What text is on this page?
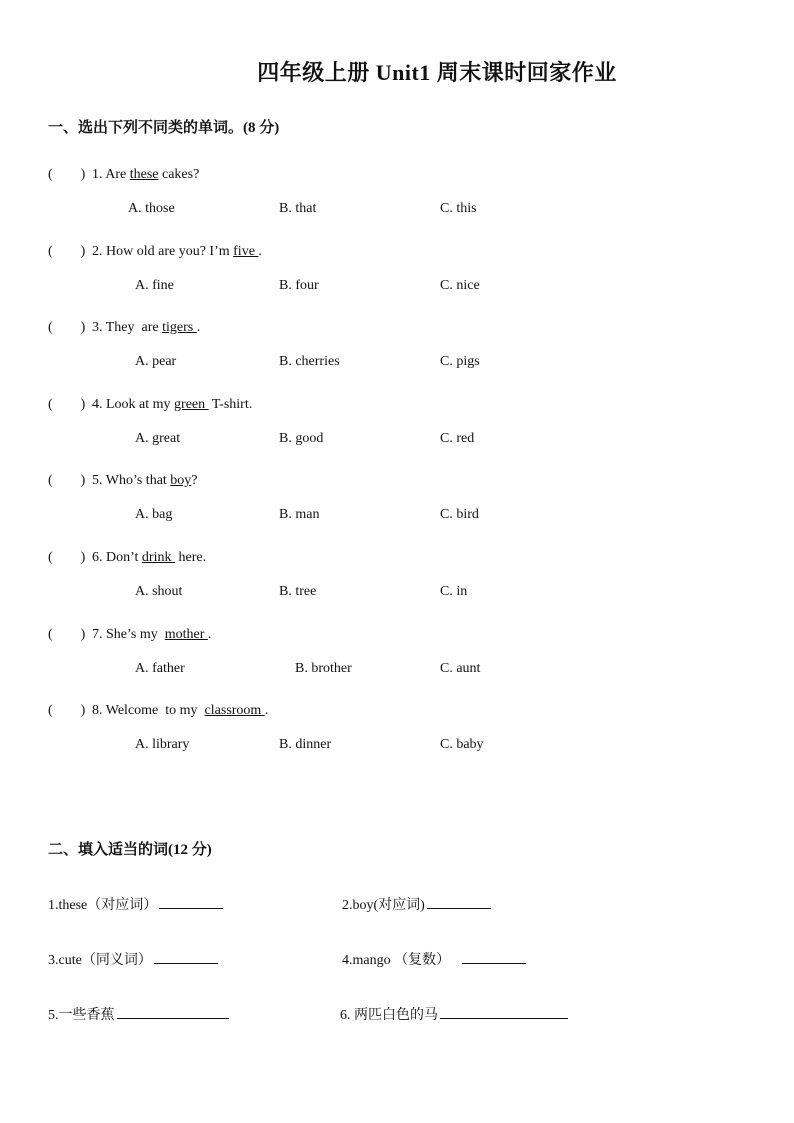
四年级上册 Unit1 周末课时回家作业
一、选出下列不同类的单词。(8 分)
(　　) 1. Are these cakes?
A. those	B. that	C. this
(　　) 2. How old are you? I’m five .
A. fine	B. four	C. nice
(　　) 3. They  are tigers .
A. pear	B. cherries	C. pigs
(　　) 4. Look at my green  T-shirt.
A. great	B. good	C. red
(　　) 5. Who’s that boy?
A. bag	B. man	C. bird
(　　) 6. Don’t drink  here.
A. shout	B. tree	C. in
(　　) 7. She’s my  mother .
A. father	B. brother	C. aunt
(　　) 8. Welcome  to my  classroom .
A. library	B. dinner	C. baby
二、填入适当的词(12 分)
1.these（对应词）	2.boy(对应词)
3.cute（同义词）	4.mango （复数）
5.一些香蕉	6. 两匹白色的马
